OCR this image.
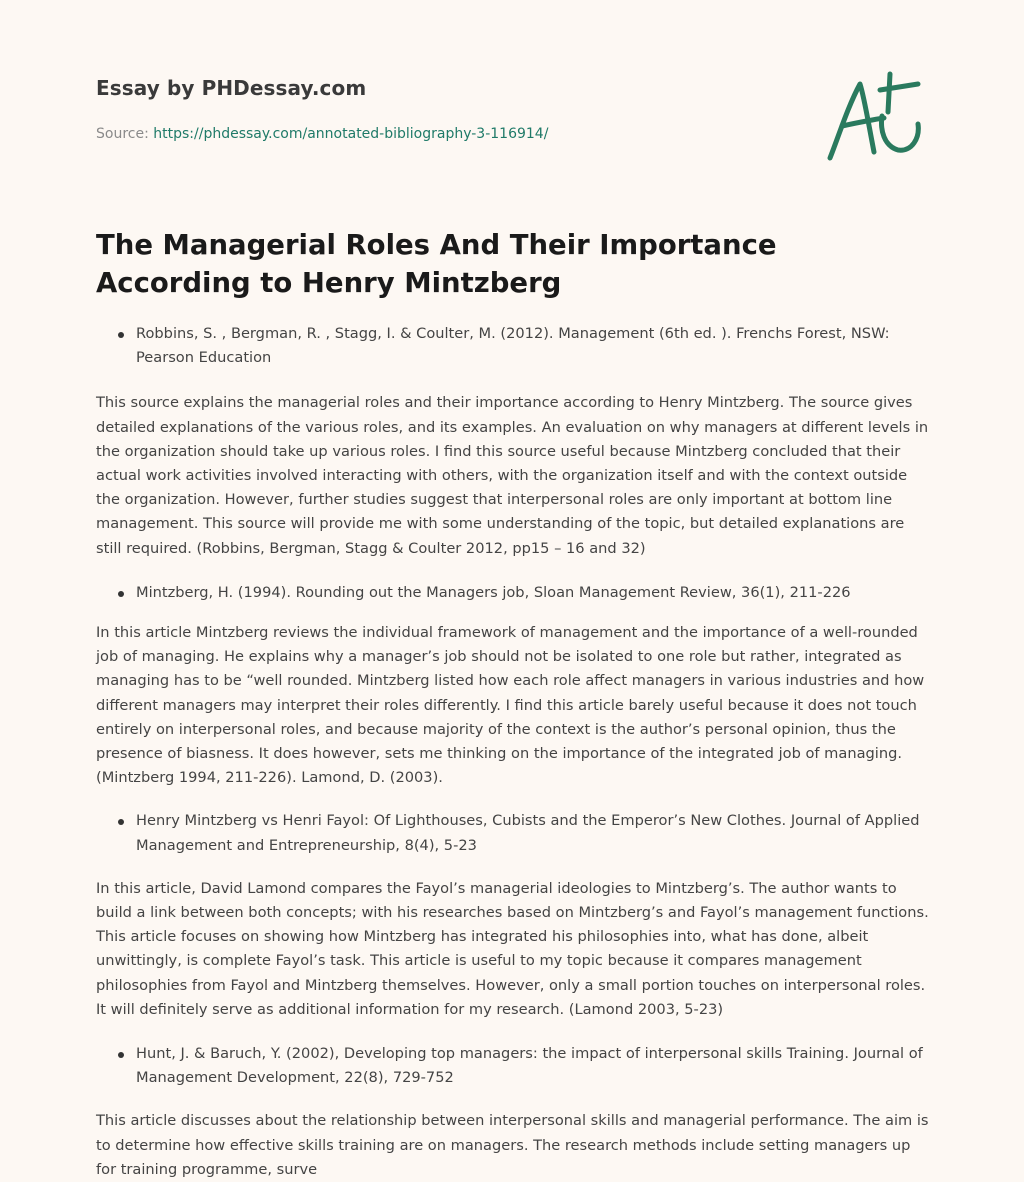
Essay by PHDessay.com
Source: https://phdessay.com/annotated-bibliography-3-116914/
The Managerial Roles And Their Importance According to Henry Mintzberg
Robbins, S. , Bergman, R. , Stagg, I. & Coulter, M. (2012). Management (6th ed. ). Frenchs Forest, NSW: Pearson Education

This source explains the managerial roles and their importance according to Henry Mintzberg. The source gives detailed explanations of the various roles, and its examples. An evaluation on why managers at different levels in the organization should take up various roles. I find this source useful because Mintzberg concluded that their actual work activities involved interacting with others, with the organization itself and with the context outside the organization. However, further studies suggest that interpersonal roles are only important at bottom line management. This source will provide me with some understanding of the topic, but detailed explanations are still required. (Robbins, Bergman, Stagg & Coulter 2012, pp15 – 16 and 32)

Mintzberg, H. (1994). Rounding out the Managers job, Sloan Management Review, 36(1), 211-226

In this article Mintzberg reviews the individual framework of management and the importance of a well-rounded job of managing. He explains why a manager’s job should not be isolated to one role but rather, integrated as managing has to be “well rounded. Mintzberg listed how each role affect managers in various industries and how different managers may interpret their roles differently. I find this article barely useful because it does not touch entirely on interpersonal roles, and because majority of the context is the author’s personal opinion, thus the presence of biasness. It does however, sets me thinking on the importance of the integrated job of managing. (Mintzberg 1994, 211-226). Lamond, D. (2003).

Henry Mintzberg vs Henri Fayol: Of Lighthouses, Cubists and the Emperor’s New Clothes. Journal of Applied Management and Entrepreneurship, 8(4), 5-23

In this article, David Lamond compares the Fayol’s managerial ideologies to Mintzberg’s. The author wants to build a link between both concepts; with his researches based on Mintzberg’s and Fayol’s management functions. This article focuses on showing how Mintzberg has integrated his philosophies into, what has done, albeit unwittingly, is complete Fayol’s task. This article is useful to my topic because it compares management philosophies from Fayol and Mintzberg themselves. However, only a small portion touches on interpersonal roles. It will definitely serve as additional information for my research. (Lamond 2003, 5-23)

Hunt, J. & Baruch, Y. (2002), Developing top managers: the impact of interpersonal skills Training. Journal of Management Development, 22(8), 729-752

This article discusses about the relationship between interpersonal skills and managerial performance. The aim is to determine how effective skills training are on managers. The research methods include setting managers up for training programme, surve
